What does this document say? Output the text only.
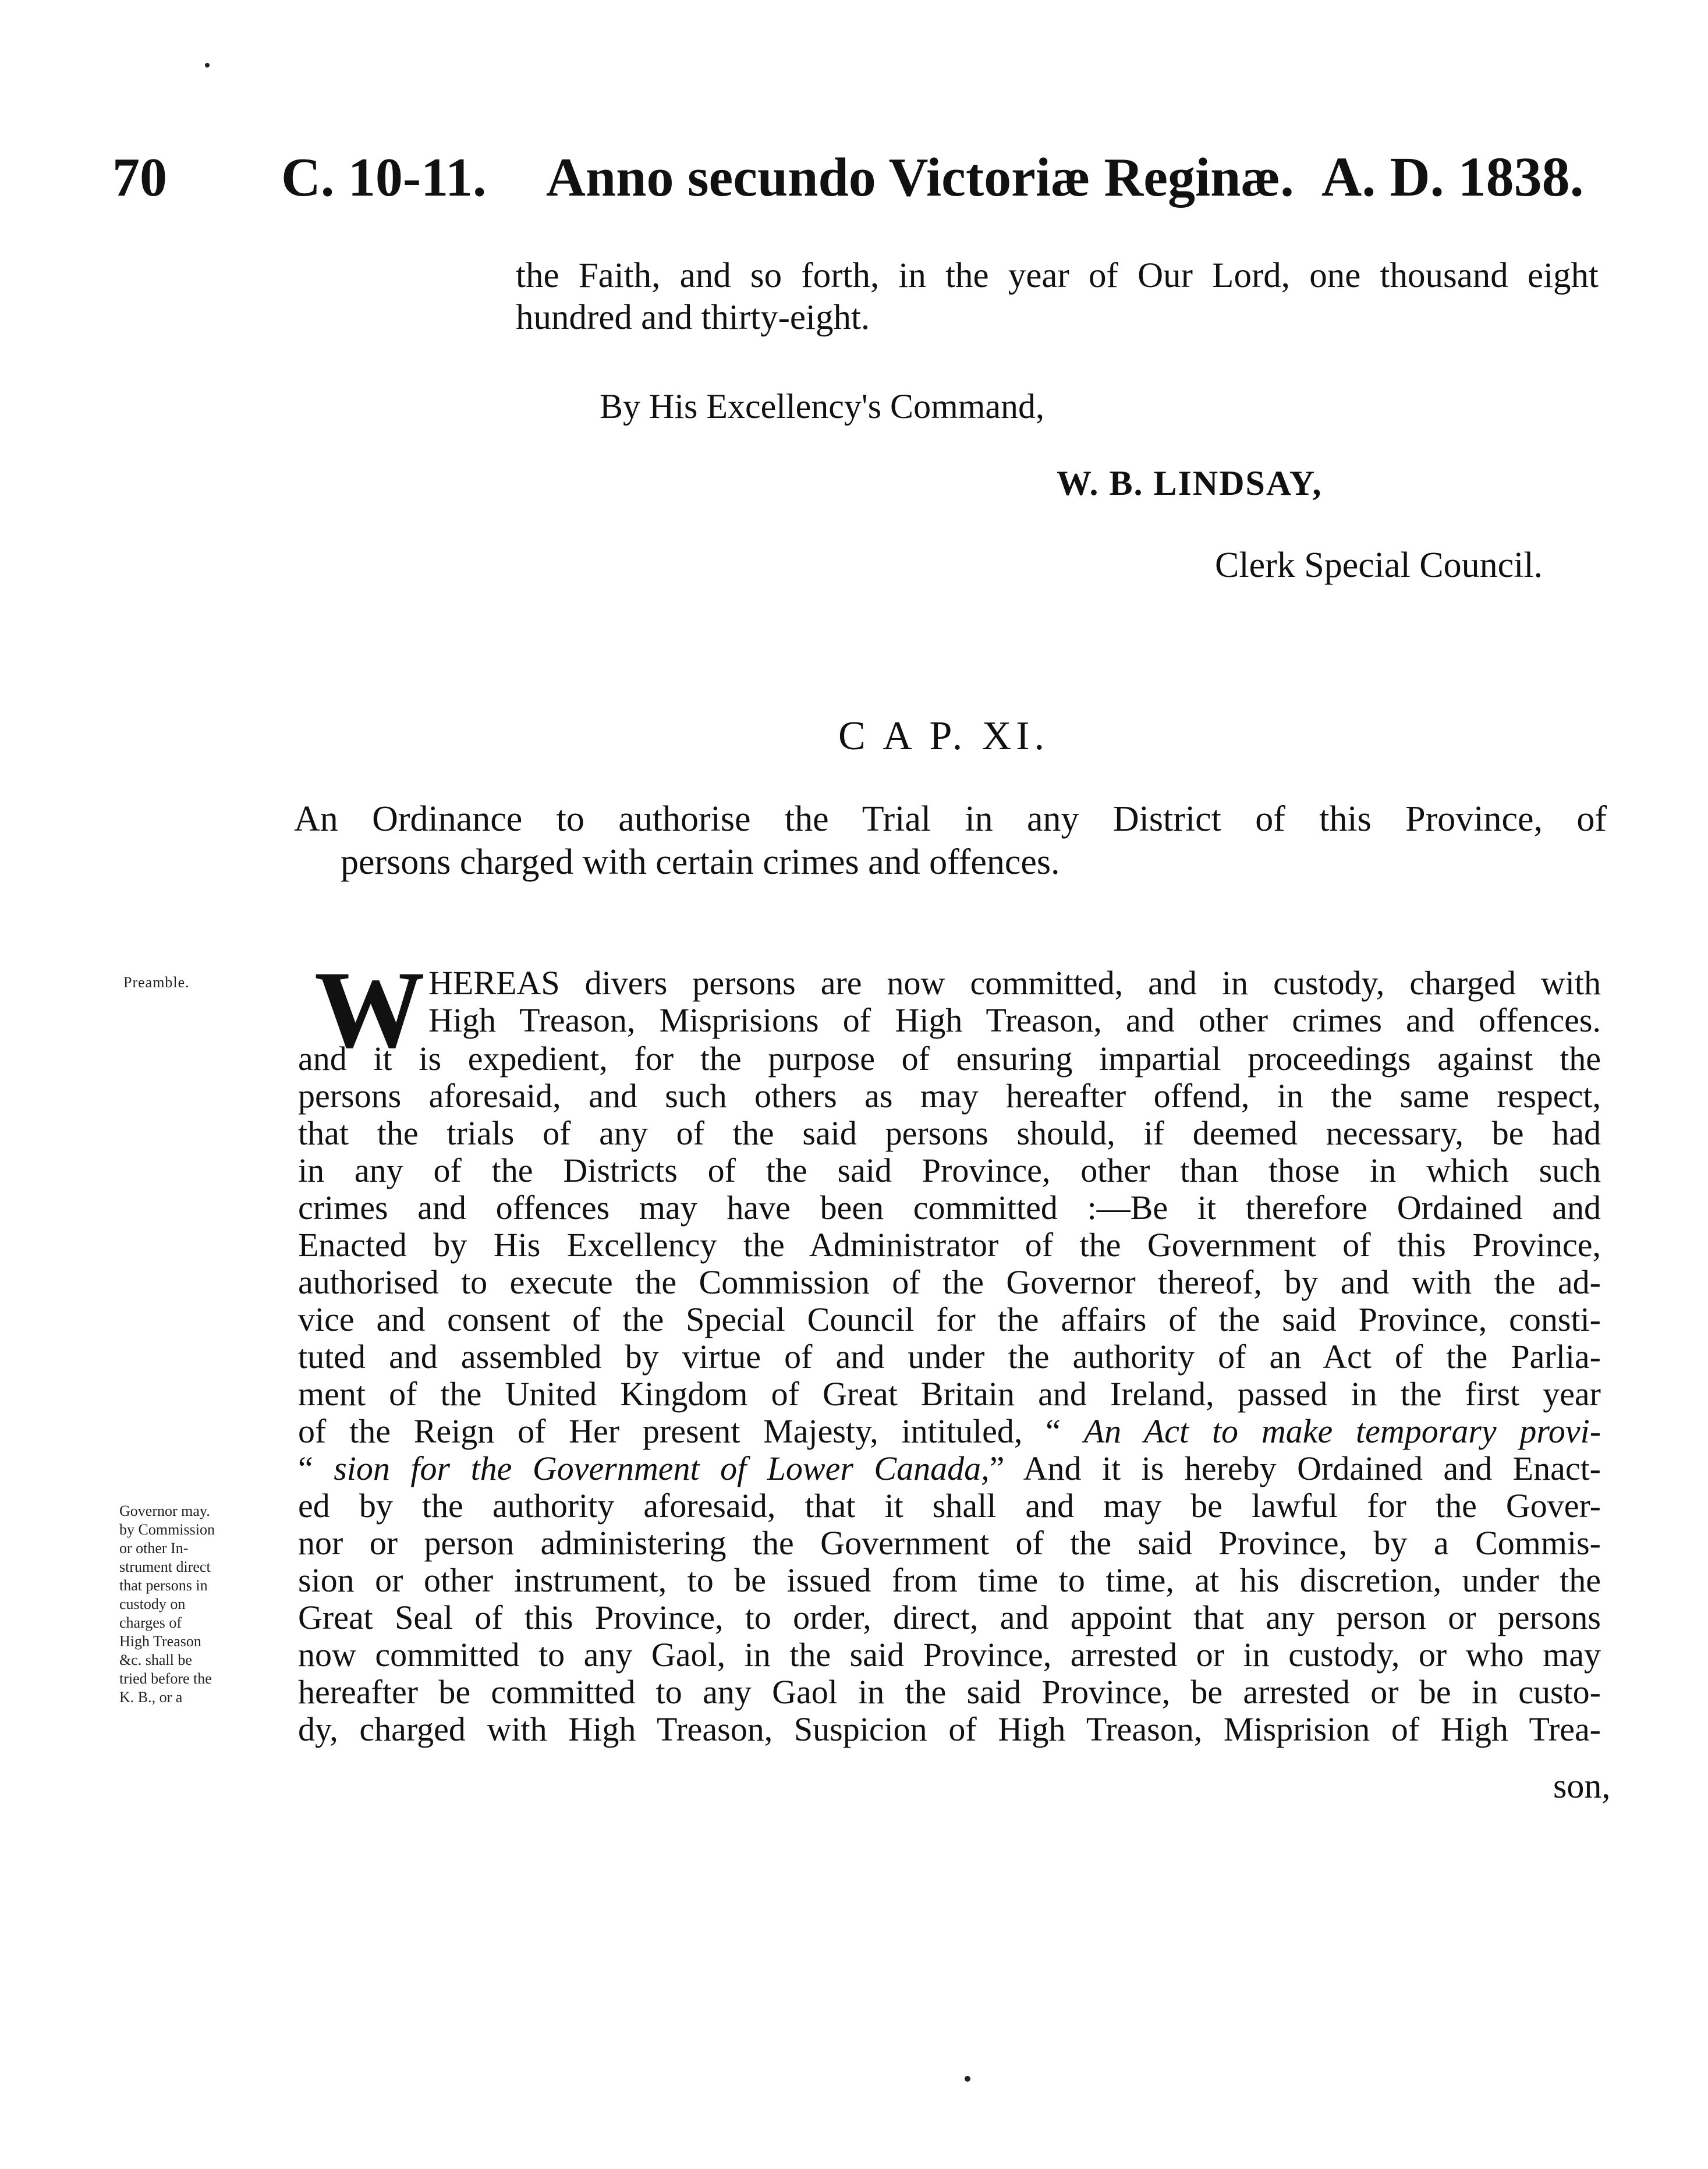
70 C. 10-11. Anno secundo Victoriæ Reginæ. A. D. 1838.
the Faith, and so forth, in the year of Our Lord, one thousand eight
hundred and thirty-eight.
By His Excellency's Command,
W. B. LINDSAY,
Clerk Special Council.
C A P. XI.
An Ordinance to authorise the Trial in any District of this Province, of
persons charged with certain crimes and offences.
Preamble.
Governor may.
by Commission
or other In-
strument direct
that persons in
custody on
charges of
High Treason
&c. shall be
tried before the
K. B., or a
W HEREAS divers persons are now committed, and in custody, charged with
High Treason, Misprisions of High Treason, and other crimes and offences.
and it is expedient, for the purpose of ensuring impartial proceedings against the
persons aforesaid, and such others as may hereafter offend, in the same respect,
that the trials of any of the said persons should, if deemed necessary, be had
in any of the Districts of the said Province, other than those in which such
crimes and offences may have been committed :—Be it therefore Ordained and
Enacted by His Excellency the Administrator of the Government of this Province,
authorised to execute the Commission of the Governor thereof, by and with the ad-
vice and consent of the Special Council for the affairs of the said Province, consti-
tuted and assembled by virtue of and under the authority of an Act of the Parlia-
ment of the United Kingdom of Great Britain and Ireland, passed in the first year
of the Reign of Her present Majesty, intituled, “ An Act to make temporary provi-
“ sion for the Government of Lower Canada,” And it is hereby Ordained and Enact-
ed by the authority aforesaid, that it shall and may be lawful for the Gover-
nor or person administering the Government of the said Province, by a Commis-
sion or other instrument, to be issued from time to time, at his discretion, under the
Great Seal of this Province, to order, direct, and appoint that any person or persons
now committed to any Gaol, in the said Province, arrested or in custody, or who may
hereafter be committed to any Gaol in the said Province, be arrested or be in custo-
dy, charged with High Treason, Suspicion of High Treason, Misprision of High Trea-
son,
